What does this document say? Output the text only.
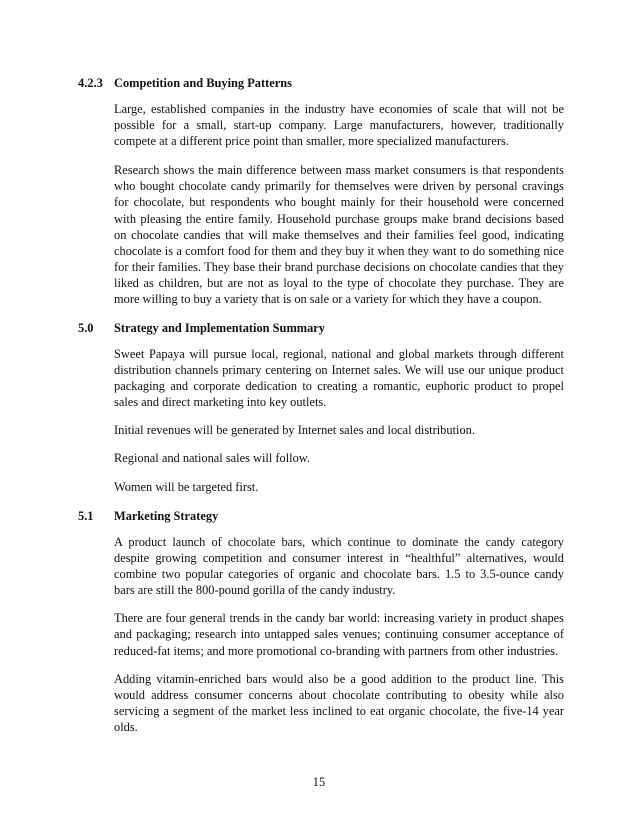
4.2.3 Competition and Buying Patterns
Large, established companies in the industry have economies of scale that will not be possible for a small, start-up company. Large manufacturers, however, traditionally compete at a different price point than smaller, more specialized manufacturers.
Research shows the main difference between mass market consumers is that respondents who bought chocolate candy primarily for themselves were driven by personal cravings for chocolate, but respondents who bought mainly for their household were concerned with pleasing the entire family. Household purchase groups make brand decisions based on chocolate candies that will make themselves and their families feel good, indicating chocolate is a comfort food for them and they buy it when they want to do something nice for their families. They base their brand purchase decisions on chocolate candies that they liked as children, but are not as loyal to the type of chocolate they purchase. They are more willing to buy a variety that is on sale or a variety for which they have a coupon.
5.0 Strategy and Implementation Summary
Sweet Papaya will pursue local, regional, national and global markets through different distribution channels primary centering on Internet sales. We will use our unique product packaging and corporate dedication to creating a romantic, euphoric product to propel sales and direct marketing into key outlets.
Initial revenues will be generated by Internet sales and local distribution.
Regional and national sales will follow.
Women will be targeted first.
5.1 Marketing Strategy
A product launch of chocolate bars, which continue to dominate the candy category despite growing competition and consumer interest in “healthful” alternatives, would combine two popular categories of organic and chocolate bars. 1.5 to 3.5-ounce candy bars are still the 800-pound gorilla of the candy industry.
There are four general trends in the candy bar world: increasing variety in product shapes and packaging; research into untapped sales venues; continuing consumer acceptance of reduced-fat items; and more promotional co-branding with partners from other industries.
Adding vitamin-enriched bars would also be a good addition to the product line. This would address consumer concerns about chocolate contributing to obesity while also servicing a segment of the market less inclined to eat organic chocolate, the five-14 year olds.
15
